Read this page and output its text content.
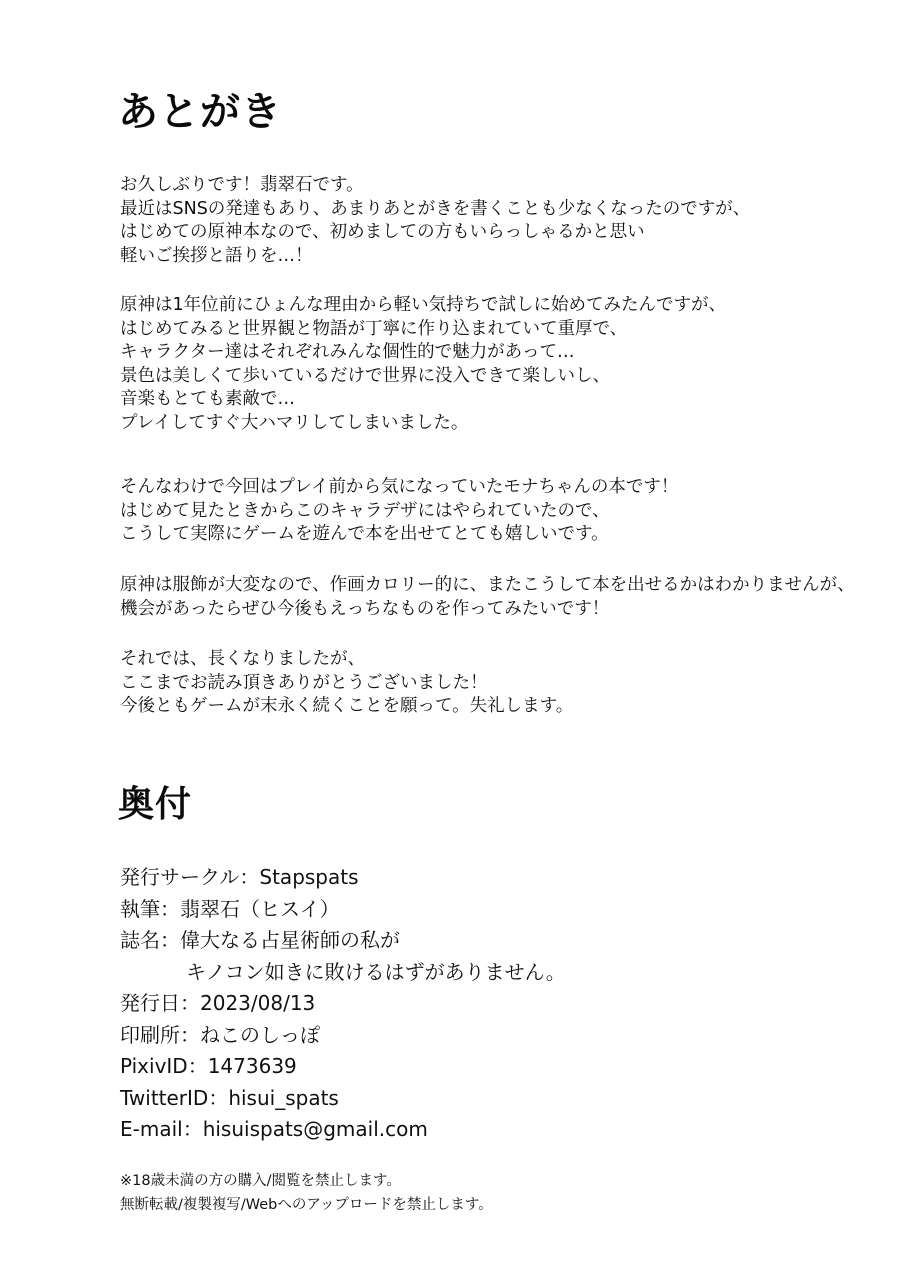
あとがき
お久しぶりです！翡翠石です。
最近はSNSの発達もあり、あまりあとがきを書くことも少なくなったのですが、
はじめての原神本なので、初めましての方もいらっしゃるかと思い
軽いご挨拶と語りを…！
原神は1年位前にひょんな理由から軽い気持ちで試しに始めてみたんですが、
はじめてみると世界観と物語が丁寧に作り込まれていて重厚で、
キャラクター達はそれぞれみんな個性的で魅力があって…
景色は美しくて歩いているだけで世界に没入できて楽しいし、
音楽もとても素敵で…
プレイしてすぐ大ハマリしてしまいました。
そんなわけで今回はプレイ前から気になっていたモナちゃんの本です！
はじめて見たときからこのキャラデザにはやられていたので、
こうして実際にゲームを遊んで本を出せてとても嬉しいです。
原神は服飾が大変なので、作画カロリー的に、またこうして本を出せるかはわかりませんが、
機会があったらぜひ今後もえっちなものを作ってみたいです！
それでは、長くなりましたが、
ここまでお読み頂きありがとうございました！
今後ともゲームが末永く続くことを願って。失礼します。
奥付
発行サークル：Stapspats
執筆：翡翠石（ヒスイ）
誌名：偉大なる占星術師の私が
キノコン如きに敗けるはずがありません。
発行日：2023/08/13
印刷所：ねこのしっぽ
PixivID：1473639
TwitterID：hisui_spats
E-mail：hisuispats@gmail.com
※18歳未満の方の購入/閲覧を禁止します。
無断転載/複製複写/Webへのアップロードを禁止します。
